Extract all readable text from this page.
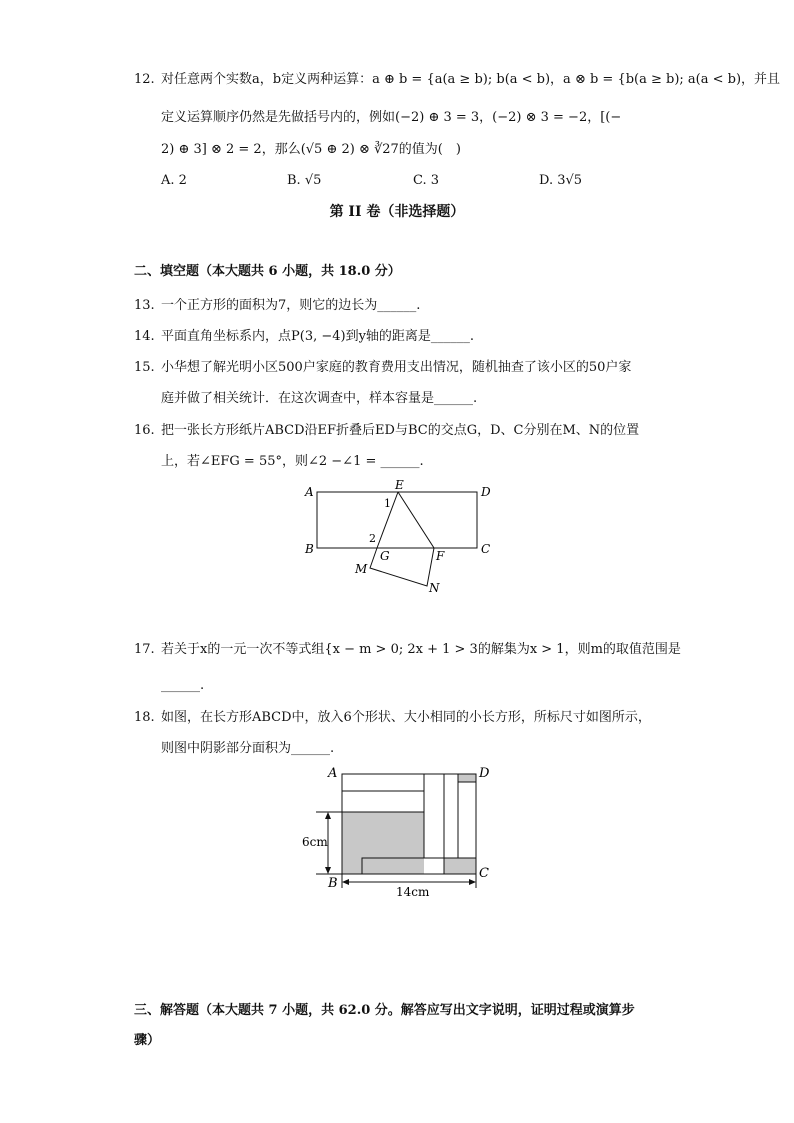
12. 对任意两个实数a，b定义两种运算：a ⊕ b = {a(a ≥ b); b(a < b)，a ⊗ b = {b(a ≥ b); a(a < b)，并且
定义运算顺序仍然是先做括号内的，例如(−2) ⊕ 3 = 3，(−2) ⊗ 3 = −2，[(−
2) ⊕ 3] ⊗ 2 = 2，那么(√5 ⊕ 2) ⊗ ∛27的值为(　)
A. 2	B. √5	C. 3	D. 3√5
第 II 卷（非选择题）
二、填空题（本大题共 6 小题，共 18.0 分）
13. 一个正方形的面积为7，则它的边长为______.
14. 平面直角坐标系内，点P(3, −4)到y轴的距离是______.
15. 小华想了解光明小区500户家庭的教育费用支出情况，随机抽查了该小区的50户家
庭并做了相关统计．在这次调查中，样本容量是______.
16. 把一张长方形纸片ABCD沿EF折叠后ED与BC的交点G，D、C分别在M、N的位置
上，若∠EFG = 55°，则∠2 −∠1 = ______.
A
B	C
D
E
F
G
M
N
1
2
17. 若关于x的一元一次不等式组{x − m > 0; 2x + 1 > 3的解集为x > 1，则m的取值范围是
______.
18. 如图，在长方形ABCD中，放入6个形状、大小相同的小长方形，所标尺寸如图所示，
则图中阴影部分面积为______.
A
B
C
D
6cm
14cm
三、解答题（本大题共 7 小题，共 62.0 分。解答应写出文字说明，证明过程或演算步
骤）
